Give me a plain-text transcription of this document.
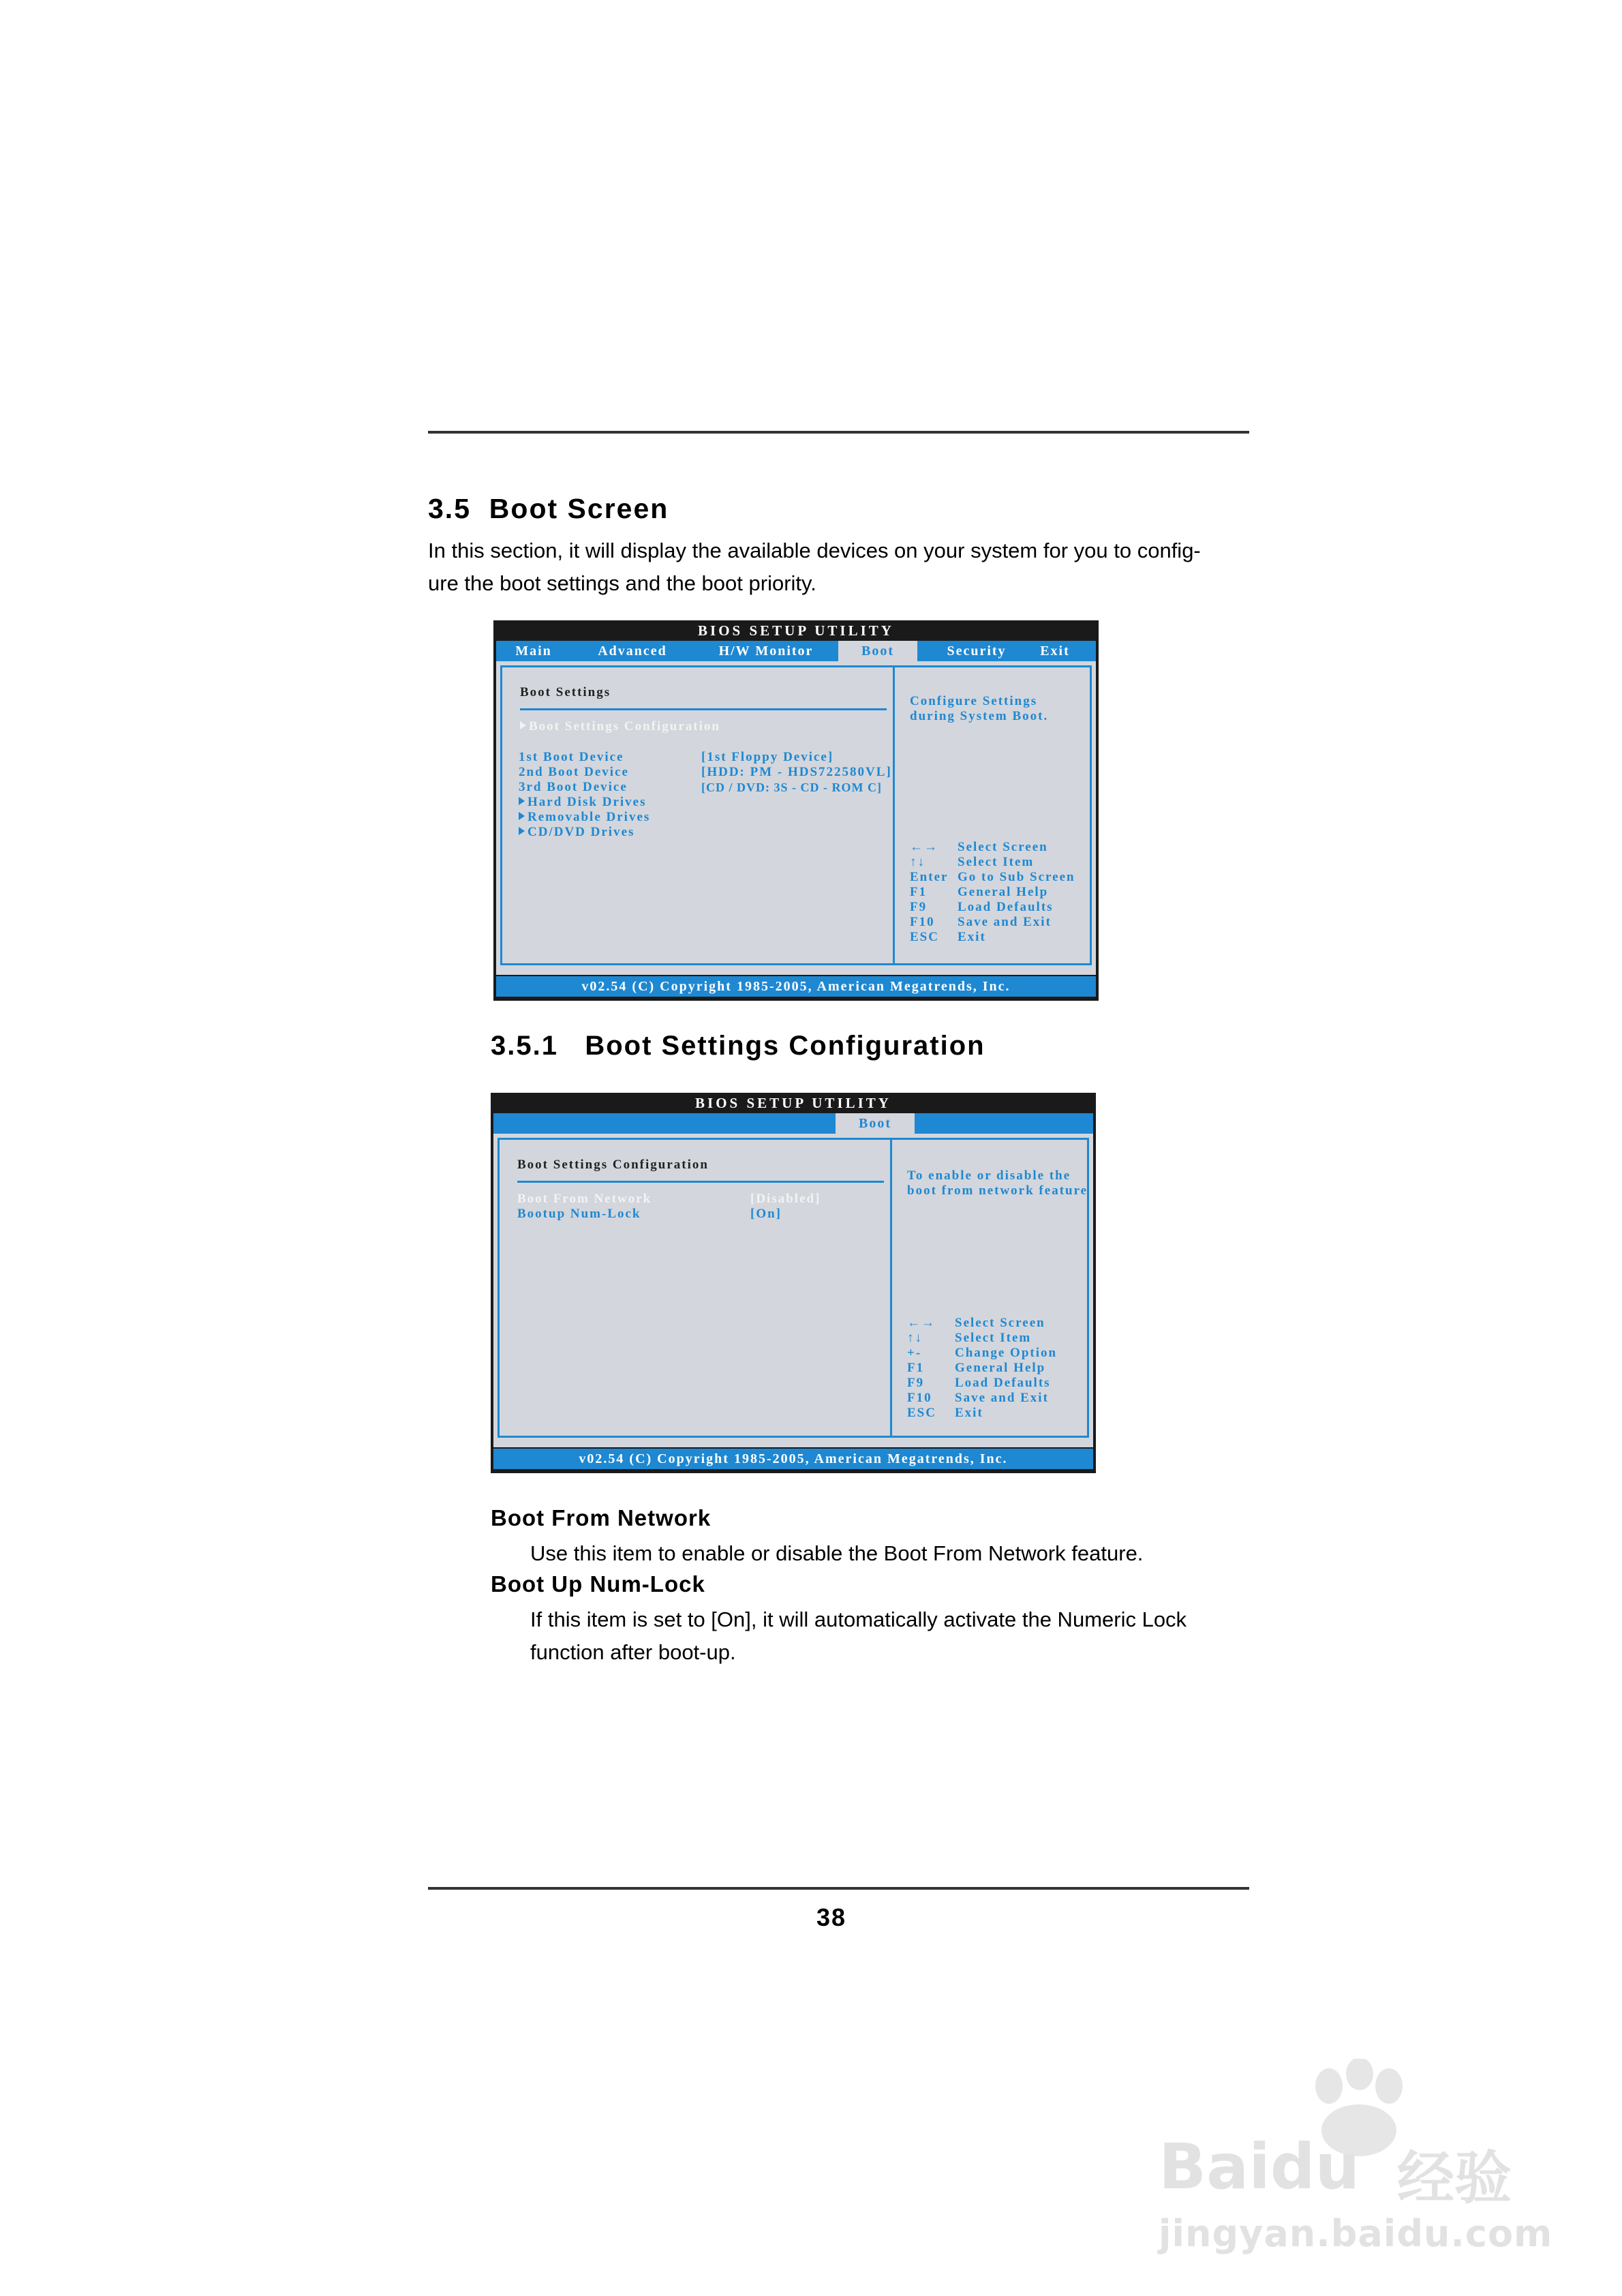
3.5 Boot Screen

In this section, it will display the available devices on your system for you to config-
ure the boot settings and the boot priority.

BIOS SETUP UTILITY
Main	Advanced	H/W Monitor	Boot	Security	Exit
Boot Settings
Boot Settings Configuration
1st Boot Device	[1st Floppy Device]
2nd Boot Device	[HDD: PM - HDS722580VL]
3rd Boot Device	[CD / DVD: 3S - CD - ROM C]
Hard Disk Drives
Removable Drives
CD/DVD Drives
Configure Settings
during System Boot.
←→ Select Screen
↑↓ Select Item
Enter Go to Sub Screen
F1 General Help
F9 Load Defaults
F10 Save and Exit
ESC Exit
v02.54 (C) Copyright 1985-2005, American Megatrends, Inc.
3.5.1 Boot Settings Configuration
BIOS SETUP UTILITY
Boot
Boot Settings Configuration
Boot From Network	[Disabled]
Bootup Num-Lock	[On]
To enable or disable the
boot from network feature
←→ Select Screen
↑↓ Select Item
+-	Change Option
F1 General Help
F9 Load Defaults
F10 Save and Exit
ESC Exit
v02.54 (C) Copyright 1985-2005, American Megatrends, Inc.
Boot From Network

Use this item to enable or disable the Boot From Network feature.

Boot Up Num-Lock

If this item is set to [On], it will automatically activate the Numeric Lock
function after boot-up.

38
Baidu 经验
jingyan.baidu.com
